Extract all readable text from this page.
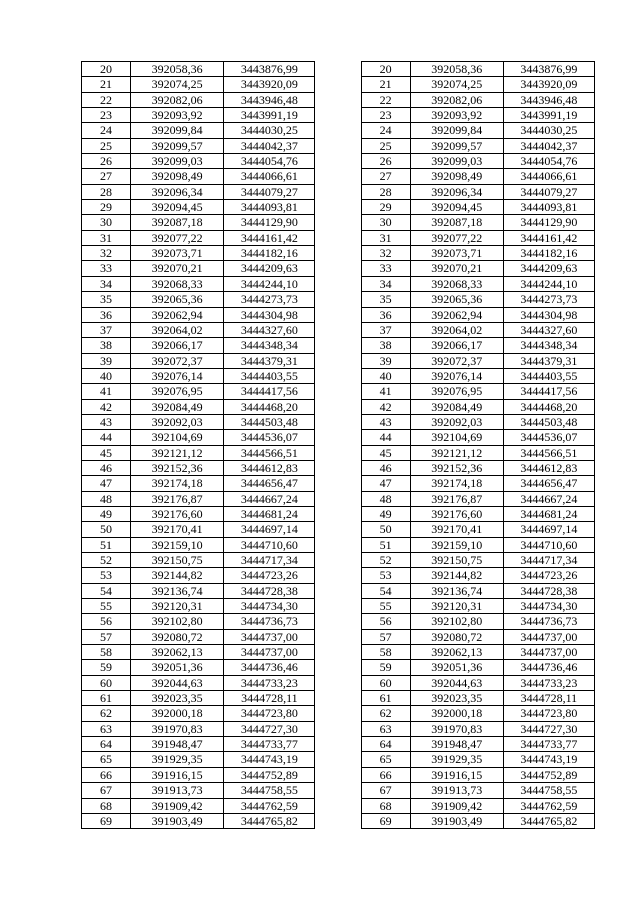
20	392058,36	3443876,99		20	392058,36	3443876,99
21	392074,25	3443920,09		21	392074,25	3443920,09
22	392082,06	3443946,48		22	392082,06	3443946,48
23	392093,92	3443991,19		23	392093,92	3443991,19
24	392099,84	3444030,25		24	392099,84	3444030,25
25	392099,57	3444042,37		25	392099,57	3444042,37
26	392099,03	3444054,76		26	392099,03	3444054,76
27	392098,49	3444066,61		27	392098,49	3444066,61
28	392096,34	3444079,27		28	392096,34	3444079,27
29	392094,45	3444093,81		29	392094,45	3444093,81
30	392087,18	3444129,90		30	392087,18	3444129,90
31	392077,22	3444161,42		31	392077,22	3444161,42
32	392073,71	3444182,16		32	392073,71	3444182,16
33	392070,21	3444209,63		33	392070,21	3444209,63
34	392068,33	3444244,10		34	392068,33	3444244,10
35	392065,36	3444273,73		35	392065,36	3444273,73
36	392062,94	3444304,98		36	392062,94	3444304,98
37	392064,02	3444327,60		37	392064,02	3444327,60
38	392066,17	3444348,34		38	392066,17	3444348,34
39	392072,37	3444379,31		39	392072,37	3444379,31
40	392076,14	3444403,55		40	392076,14	3444403,55
41	392076,95	3444417,56		41	392076,95	3444417,56
42	392084,49	3444468,20		42	392084,49	3444468,20
43	392092,03	3444503,48		43	392092,03	3444503,48
44	392104,69	3444536,07		44	392104,69	3444536,07
45	392121,12	3444566,51		45	392121,12	3444566,51
46	392152,36	3444612,83		46	392152,36	3444612,83
47	392174,18	3444656,47		47	392174,18	3444656,47
48	392176,87	3444667,24		48	392176,87	3444667,24
49	392176,60	3444681,24		49	392176,60	3444681,24
50	392170,41	3444697,14		50	392170,41	3444697,14
51	392159,10	3444710,60		51	392159,10	3444710,60
52	392150,75	3444717,34		52	392150,75	3444717,34
53	392144,82	3444723,26		53	392144,82	3444723,26
54	392136,74	3444728,38		54	392136,74	3444728,38
55	392120,31	3444734,30		55	392120,31	3444734,30
56	392102,80	3444736,73		56	392102,80	3444736,73
57	392080,72	3444737,00		57	392080,72	3444737,00
58	392062,13	3444737,00		58	392062,13	3444737,00
59	392051,36	3444736,46		59	392051,36	3444736,46
60	392044,63	3444733,23		60	392044,63	3444733,23
61	392023,35	3444728,11		61	392023,35	3444728,11
62	392000,18	3444723,80		62	392000,18	3444723,80
63	391970,83	3444727,30		63	391970,83	3444727,30
64	391948,47	3444733,77		64	391948,47	3444733,77
65	391929,35	3444743,19		65	391929,35	3444743,19
66	391916,15	3444752,89		66	391916,15	3444752,89
67	391913,73	3444758,55		67	391913,73	3444758,55
68	391909,42	3444762,59		68	391909,42	3444762,59
69	391903,49	3444765,82		69	391903,49	3444765,82
